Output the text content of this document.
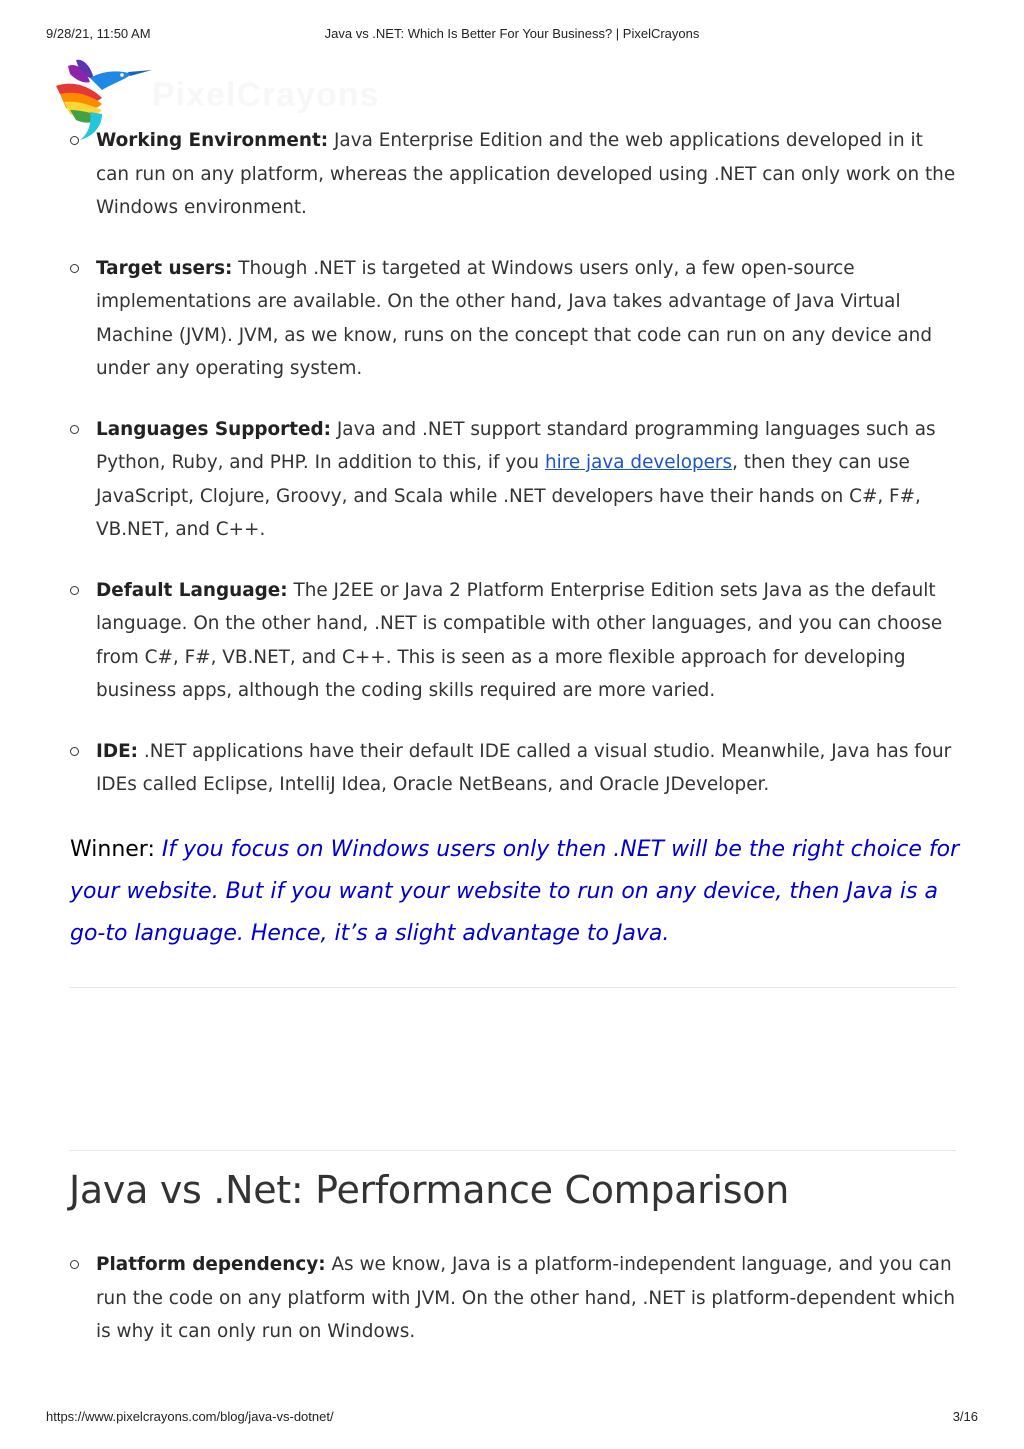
9/28/21, 11:50 AM	Java vs .NET: Which Is Better For Your Business? | PixelCrayons
PixelCrayons
Working Environment: Java Enterprise Edition and the web applications developed in it can run on any platform, whereas the application developed using .NET can only work on the Windows environment.
Target users: Though .NET is targeted at Windows users only, a few open-source implementations are available. On the other hand, Java takes advantage of Java Virtual Machine (JVM). JVM, as we know, runs on the concept that code can run on any device and under any operating system.
Languages Supported: Java and .NET support standard programming languages such as Python, Ruby, and PHP. In addition to this, if you hire java developers, then they can use JavaScript, Clojure, Groovy, and Scala while .NET developers have their hands on C#, F#, VB.NET, and C++.
Default Language: The J2EE or Java 2 Platform Enterprise Edition sets Java as the default language. On the other hand, .NET is compatible with other languages, and you can choose from C#, F#, VB.NET, and C++. This is seen as a more flexible approach for developing business apps, although the coding skills required are more varied.
IDE: .NET applications have their default IDE called a visual studio. Meanwhile, Java has four IDEs called Eclipse, IntelliJ Idea, Oracle NetBeans, and Oracle JDeveloper.
Winner: If you focus on Windows users only then .NET will be the right choice for your website. But if you want your website to run on any device, then Java is a go-to language. Hence, it’s a slight advantage to Java.
Java vs .Net: Performance Comparison
Platform dependency: As we know, Java is a platform-independent language, and you can run the code on any platform with JVM. On the other hand, .NET is platform-dependent which is why it can only run on Windows.
https://www.pixelcrayons.com/blog/java-vs-dotnet/	3/16
